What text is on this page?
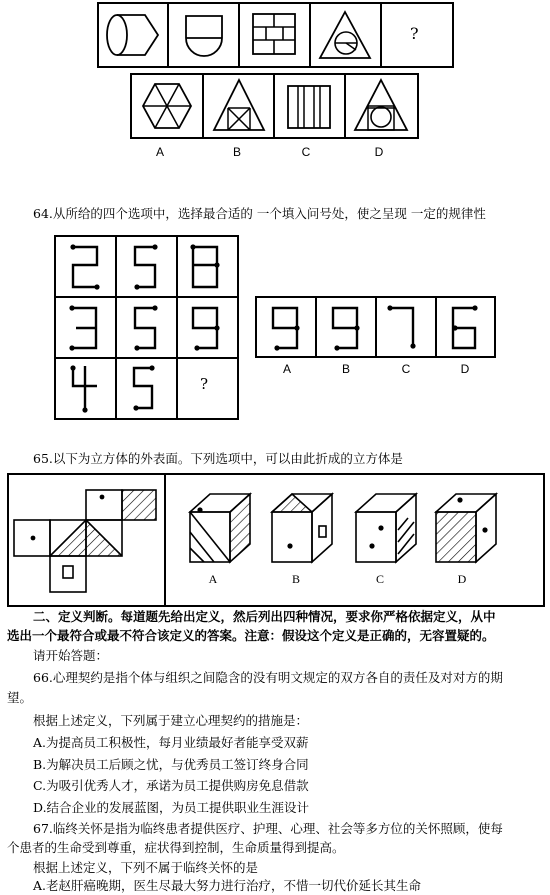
?
A	B	C	D
64.从所给的四个选项中，选择最合适的 一个填入问号处，使之呈现 一定的规律性
?
A	B	C	D
65.以下为立方体的外表面。下列选项中，可以由此折成的立方体是
A	B	C	D
二、定义判断。每道题先给出定义，然后列出四种情况，要求你严格依据定义，从中
选出一个最符合或最不符合该定义的答案。注意：假设这个定义是正确的，无容置疑的。
请开始答题：
66.心理契约是指个体与组织之间隐含的没有明文规定的双方各自的责任及对对方的期
望。
根据上述定义，下列属于建立心理契约的措施是：
A.为提高员工积极性，每月业绩最好者能享受双薪
B.为解决员工后顾之忧，与优秀员工签订终身合同
C.为吸引优秀人才，承诺为员工提供购房免息借款
D.结合企业的发展蓝图，为员工提供职业生涯设计
67.临终关怀是指为临终患者提供医疗、护理、心理、社会等多方位的关怀照顾，使每
个患者的生命受到尊重，症状得到控制，生命质量得到提高。
根据上述定义，下列不属于临终关怀的是
A.老赵肝癌晚期，医生尽最大努力进行治疗，不惜一切代价延长其生命
